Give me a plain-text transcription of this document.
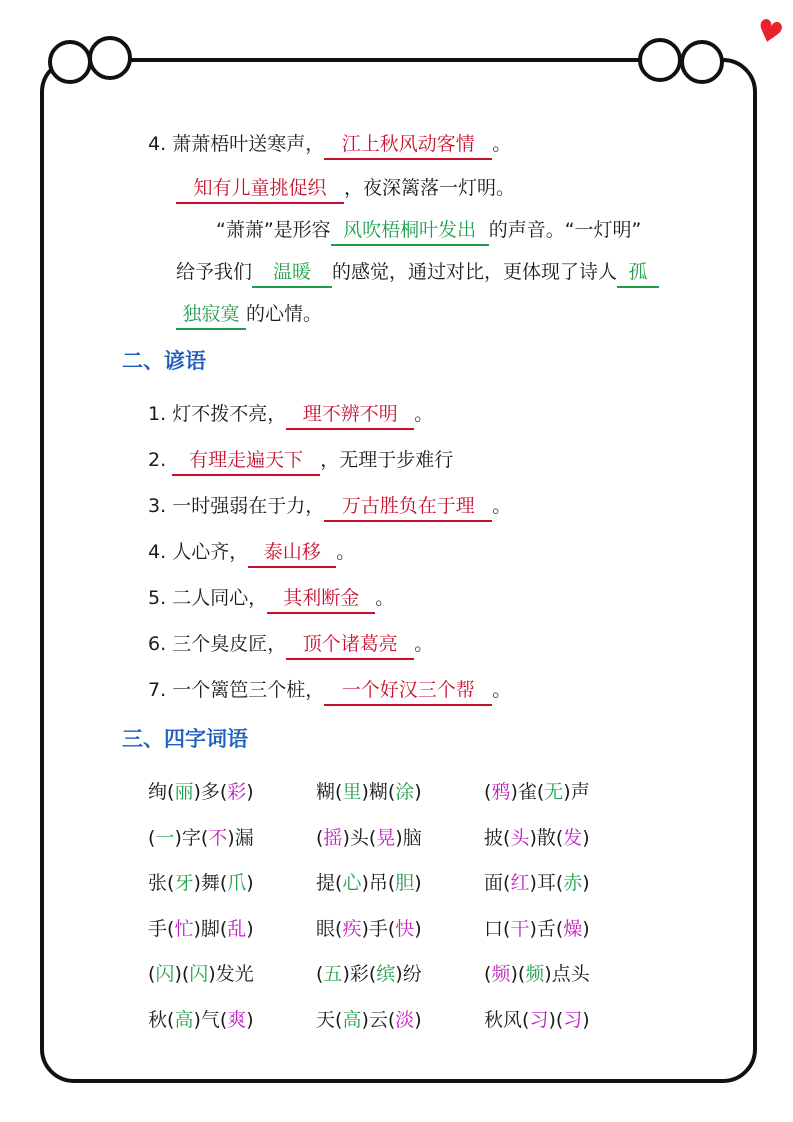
♥
4. 萧萧梧叶送寒声， 江上秋风动客情 。
知有儿童挑促织 ，夜深篱落一灯明。
“萧萧”是形容 风吹梧桐叶发出 的声音。“一灯明”
给予我们 温暖 的感觉，通过对比，更体现了诗人 孤
独寂寞 的心情。
二、谚语
1. 灯不拨不亮， 理不辨不明 。
2. 有理走遍天下 ，无理于步难行
3. 一时强弱在于力， 万古胜负在于理 。
4. 人心齐， 泰山移 。
5. 二人同心， 其利断金 。
6. 三个臭皮匠， 顶个诸葛亮 。
7. 一个篱笆三个桩， 一个好汉三个帮 。
三、四字词语
绚(丽)多(彩)	糊(里)糊(涂)	(鸦)雀(无)声
(一)字(不)漏	(摇)头(晃)脑	披(头)散(发)
张(牙)舞(爪)	提(心)吊(胆)	面(红)耳(赤)
手(忙)脚(乱)	眼(疾)手(快)	口(干)舌(燥)
(闪)(闪)发光	(五)彩(缤)纷	(频)(频)点头
秋(高)气(爽)	天(高)云(淡)	秋风(习)(习)
